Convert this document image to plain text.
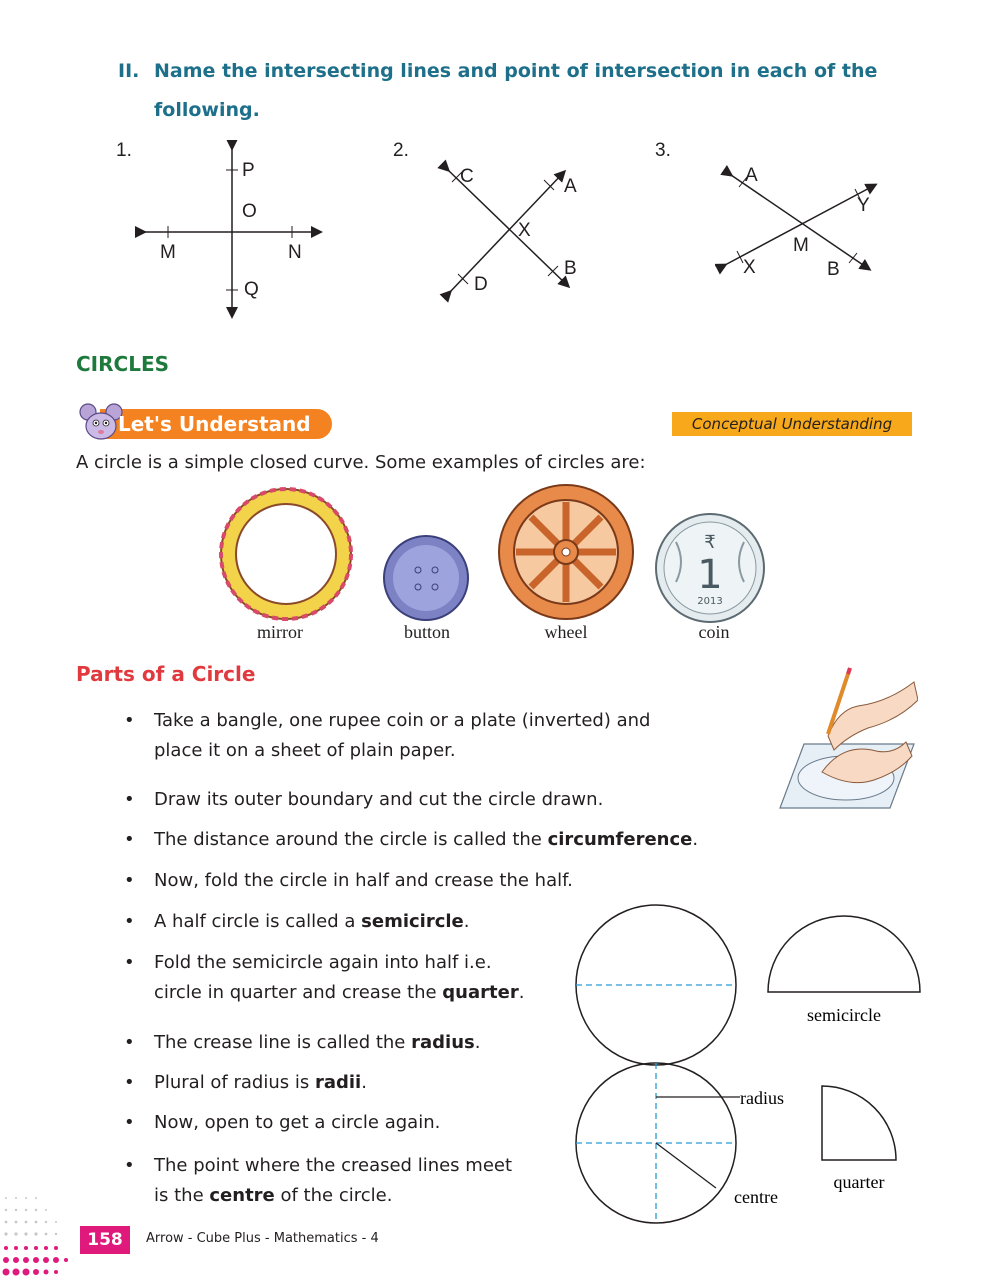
II. Name the intersecting lines and point of intersection in each of the
following.
1.	2.	3.
P
O
M	N
Q
C	A
X
D
B
A
Y
M
X	B
CIRCLES
Let's Understand	Conceptual Understanding
A circle is a simple closed curve. Some examples of circles are:
mirror	button	wheel
₹
1
2013
coin
Parts of a Circle
• Take a bangle, one rupee coin or a plate (inverted) and
place it on a sheet of plain paper.
• Draw its outer boundary and cut the circle drawn.
• The distance around the circle is called the circumference.
• Now, fold the circle in half and crease the half.
• A half circle is called a semicircle.
• Fold the semicircle again into half i.e.
circle in quarter and crease the quarter.
• The crease line is called the radius.
• Plural of radius is radii.
• Now, open to get a circle again.
• The point where the creased lines meet
is the centre of the circle.
semicircle
radius
centre
quarter
158	Arrow - Cube Plus - Mathematics - 4
